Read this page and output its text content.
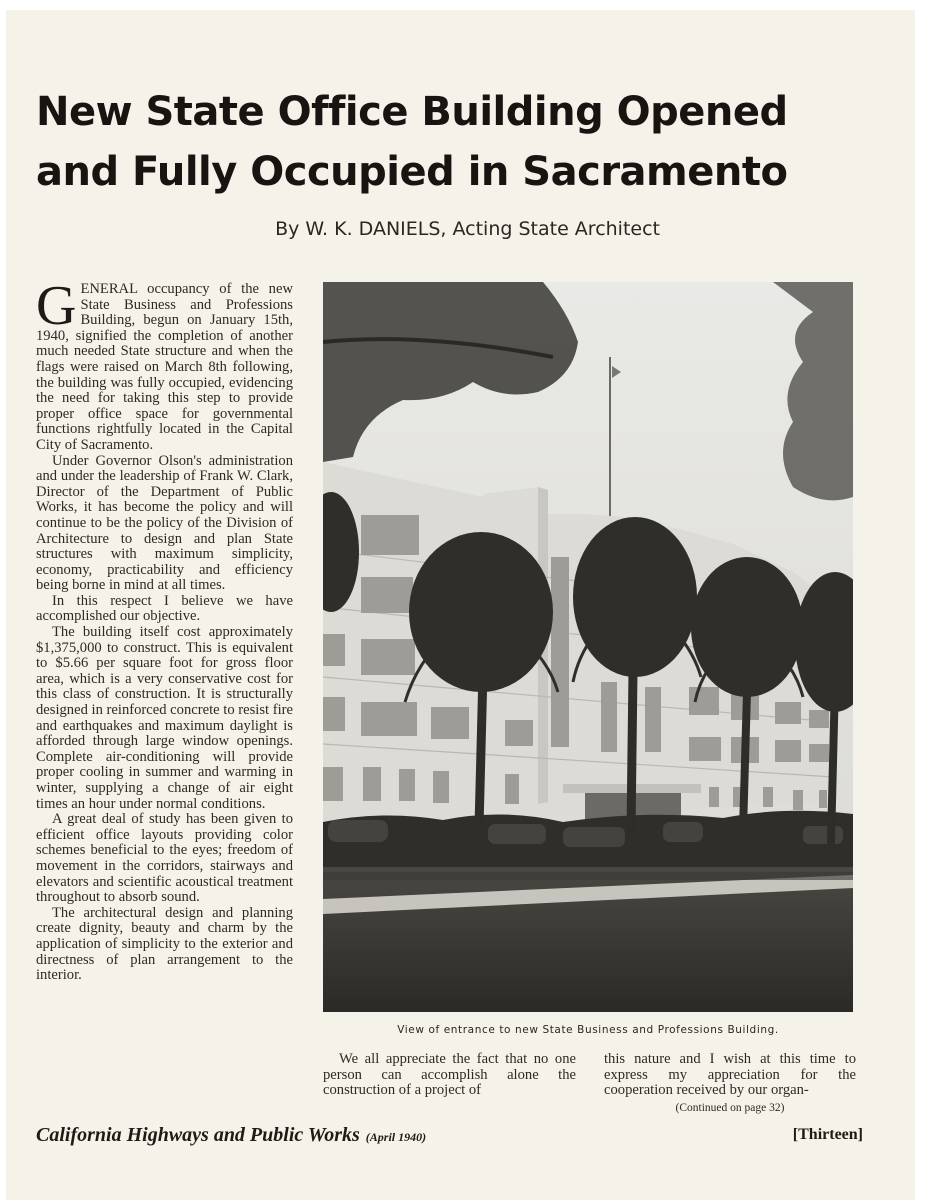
New State Office Building Opened
and Fully Occupied in Sacramento

By W. K. DANIELS, Acting State Architect

GENERAL occupancy of the new State Business and Professions Building, begun on January 15th, 1940, signified the completion of another much needed State structure and when the flags were raised on March 8th following, the building was fully occupied, evidencing the need for taking this step to provide proper office space for governmental functions rightfully located in the Capital City of Sacramento.

Under Governor Olson's administration and under the leadership of Frank W. Clark, Director of the Department of Public Works, it has become the policy and will continue to be the policy of the Division of Architecture to design and plan State structures with maximum simplicity, economy, practicability and efficiency being borne in mind at all times.

In this respect I believe we have accomplished our objective.

The building itself cost approximately $1,375,000 to construct. This is equivalent to $5.66 per square foot for gross floor area, which is a very conservative cost for this class of construction. It is structurally designed in reinforced concrete to resist fire and earthquakes and maximum daylight is afforded through large window openings. Complete air-conditioning will provide proper cooling in summer and warming in winter, supplying a change of air eight times an hour under normal conditions.

A great deal of study has been given to efficient office layouts providing color schemes beneficial to the eyes; freedom of movement in the corridors, stairways and elevators and scientific acoustical treatment throughout to absorb sound.

The architectural design and planning create dignity, beauty and charm by the application of simplicity to the exterior and directness of plan arrangement to the interior.

View of entrance to new State Business and Professions Building.

We all appreciate the fact that no one person can accomplish alone the construction of a project of

this nature and I wish at this time to express my appreciation for the cooperation received by our organ-

(Continued on page 32)

California Highways and Public Works (April 1940)	[Thirteen]
